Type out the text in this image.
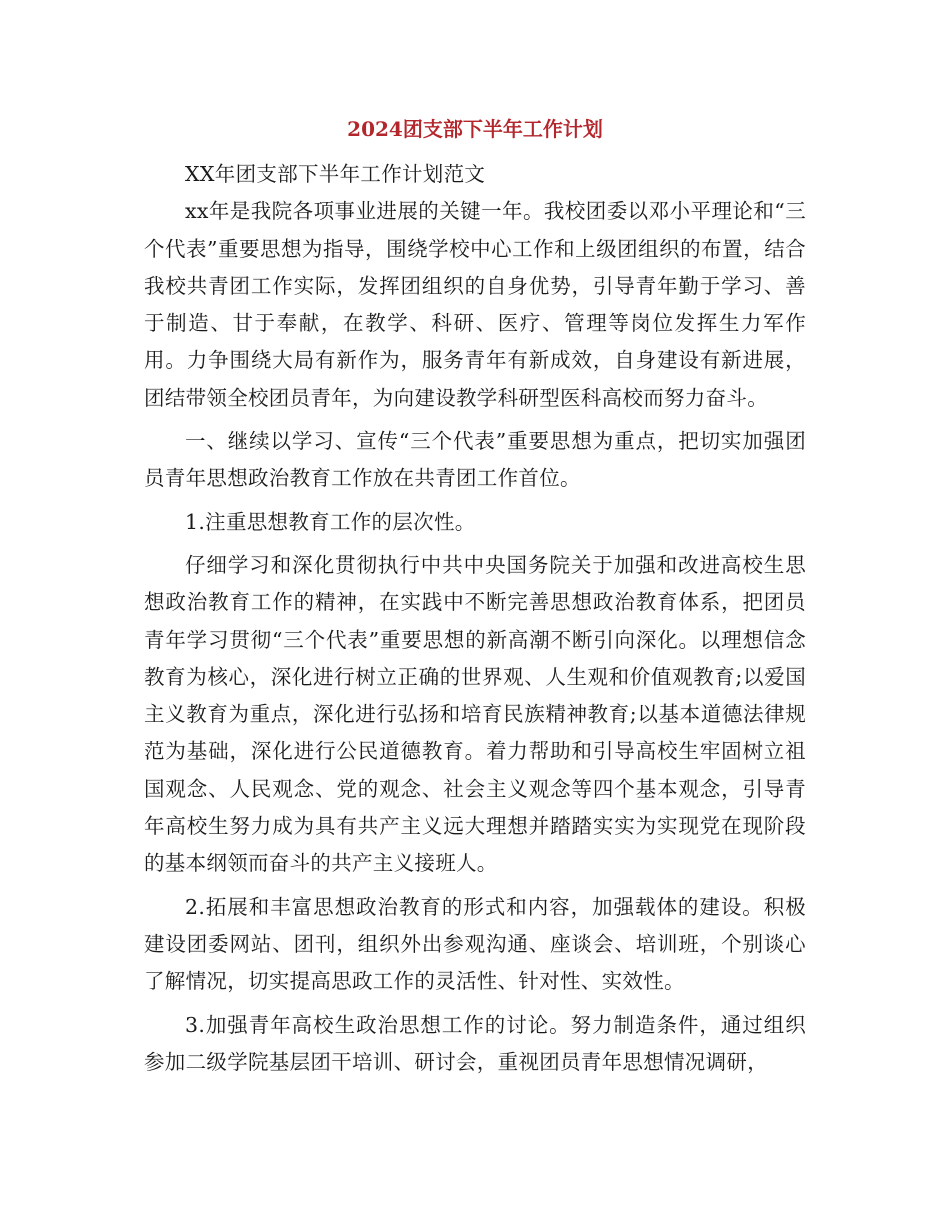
2024团支部下半年工作计划

XX年团支部下半年工作计划范文

xx年是我院各项事业进展的关键一年。我校团委以邓小平理论和“三个代表”重要思想为指导，围绕学校中心工作和上级团组织的布置，结合我校共青团工作实际，发挥团组织的自身优势，引导青年勤于学习、善于制造、甘于奉献，在教学、科研、医疗、管理等岗位发挥生力军作用。力争围绕大局有新作为，服务青年有新成效，自身建设有新进展，团结带领全校团员青年，为向建设教学科研型医科高校而努力奋斗。

一、继续以学习、宣传“三个代表”重要思想为重点，把切实加强团员青年思想政治教育工作放在共青团工作首位。

1.注重思想教育工作的层次性。

仔细学习和深化贯彻执行中共中央国务院关于加强和改进高校生思想政治教育工作的精神，在实践中不断完善思想政治教育体系，把团员青年学习贯彻“三个代表”重要思想的新高潮不断引向深化。以理想信念教育为核心，深化进行树立正确的世界观、人生观和价值观教育;以爱国主义教育为重点，深化进行弘扬和培育民族精神教育;以基本道德法律规范为基础，深化进行公民道德教育。着力帮助和引导高校生牢固树立祖国观念、人民观念、党的观念、社会主义观念等四个基本观念，引导青年高校生努力成为具有共产主义远大理想并踏踏实实为实现党在现阶段的基本纲领而奋斗的共产主义接班人。

2.拓展和丰富思想政治教育的形式和内容，加强载体的建设。积极建设团委网站、团刊，组织外出参观沟通、座谈会、培训班，个别谈心了解情况，切实提高思政工作的灵活性、针对性、实效性。

3.加强青年高校生政治思想工作的讨论。努力制造条件，通过组织参加二级学院基层团干培训、研讨会，重视团员青年思想情况调研，
